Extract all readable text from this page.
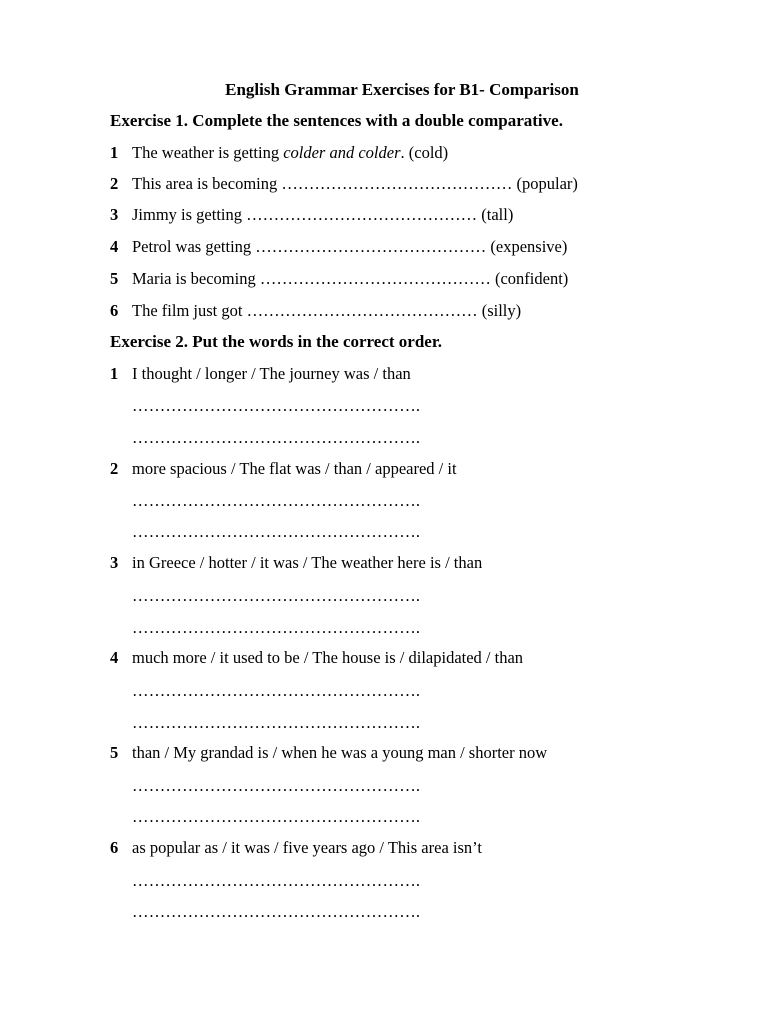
English Grammar Exercises for B1- Comparison
Exercise 1. Complete the sentences with a double comparative.
1 The weather is getting colder and colder. (cold)
2 This area is becoming …………………………………… (popular)
3 Jimmy is getting …………………………………… (tall)
4 Petrol was getting …………………………………… (expensive)
5 Maria is becoming …………………………………… (confident)
6 The film just got …………………………………… (silly)
Exercise 2. Put the words in the correct order.
1 I thought / longer / The journey was / than
…………………………………………….
…………………………………………….
2 more spacious / The flat was / than / appeared / it
…………………………………………….
…………………………………………….
3 in Greece / hotter / it was / The weather here is / than
…………………………………………….
…………………………………………….
4 much more / it used to be / The house is / dilapidated / than
…………………………………………….
…………………………………………….
5 than / My grandad is / when he was a young man / shorter now
…………………………………………….
…………………………………………….
6 as popular as / it was / five years ago / This area isn’t
…………………………………………….
…………………………………………….
